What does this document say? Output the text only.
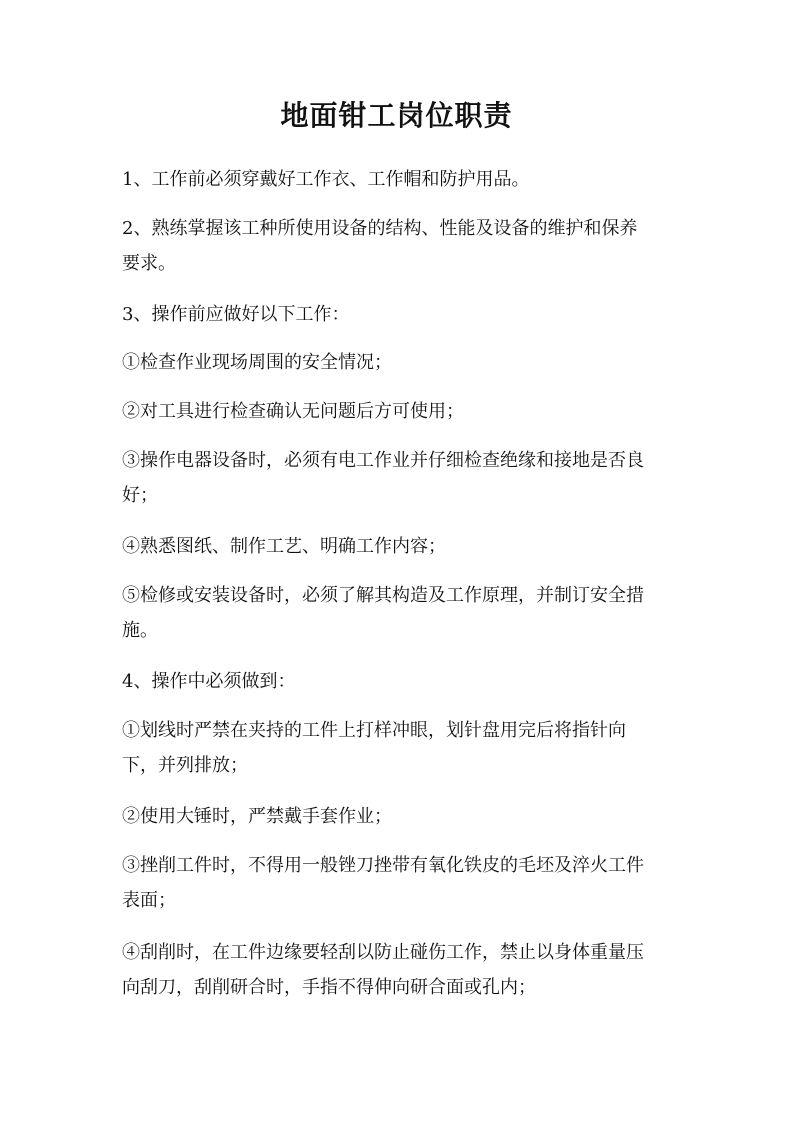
地面钳工岗位职责
1、工作前必须穿戴好工作衣、工作帽和防护用品。
2、熟练掌握该工种所使用设备的结构、性能及设备的维护和保养
要求。
3、操作前应做好以下工作：
①检查作业现场周围的安全情况；
②对工具进行检查确认无问题后方可使用；
③操作电器设备时，必须有电工作业并仔细检查绝缘和接地是否良
好；
④熟悉图纸、制作工艺、明确工作内容；
⑤检修或安装设备时，必须了解其构造及工作原理，并制订安全措
施。
4、操作中必须做到：
①划线时严禁在夹持的工件上打样冲眼，划针盘用完后将指针向
下，并列排放；
②使用大锤时，严禁戴手套作业；
③挫削工件时，不得用一般锉刀挫带有氧化铁皮的毛坯及淬火工件
表面；
④刮削时，在工件边缘要轻刮以防止碰伤工作，禁止以身体重量压
向刮刀，刮削研合时，手指不得伸向研合面或孔内；
